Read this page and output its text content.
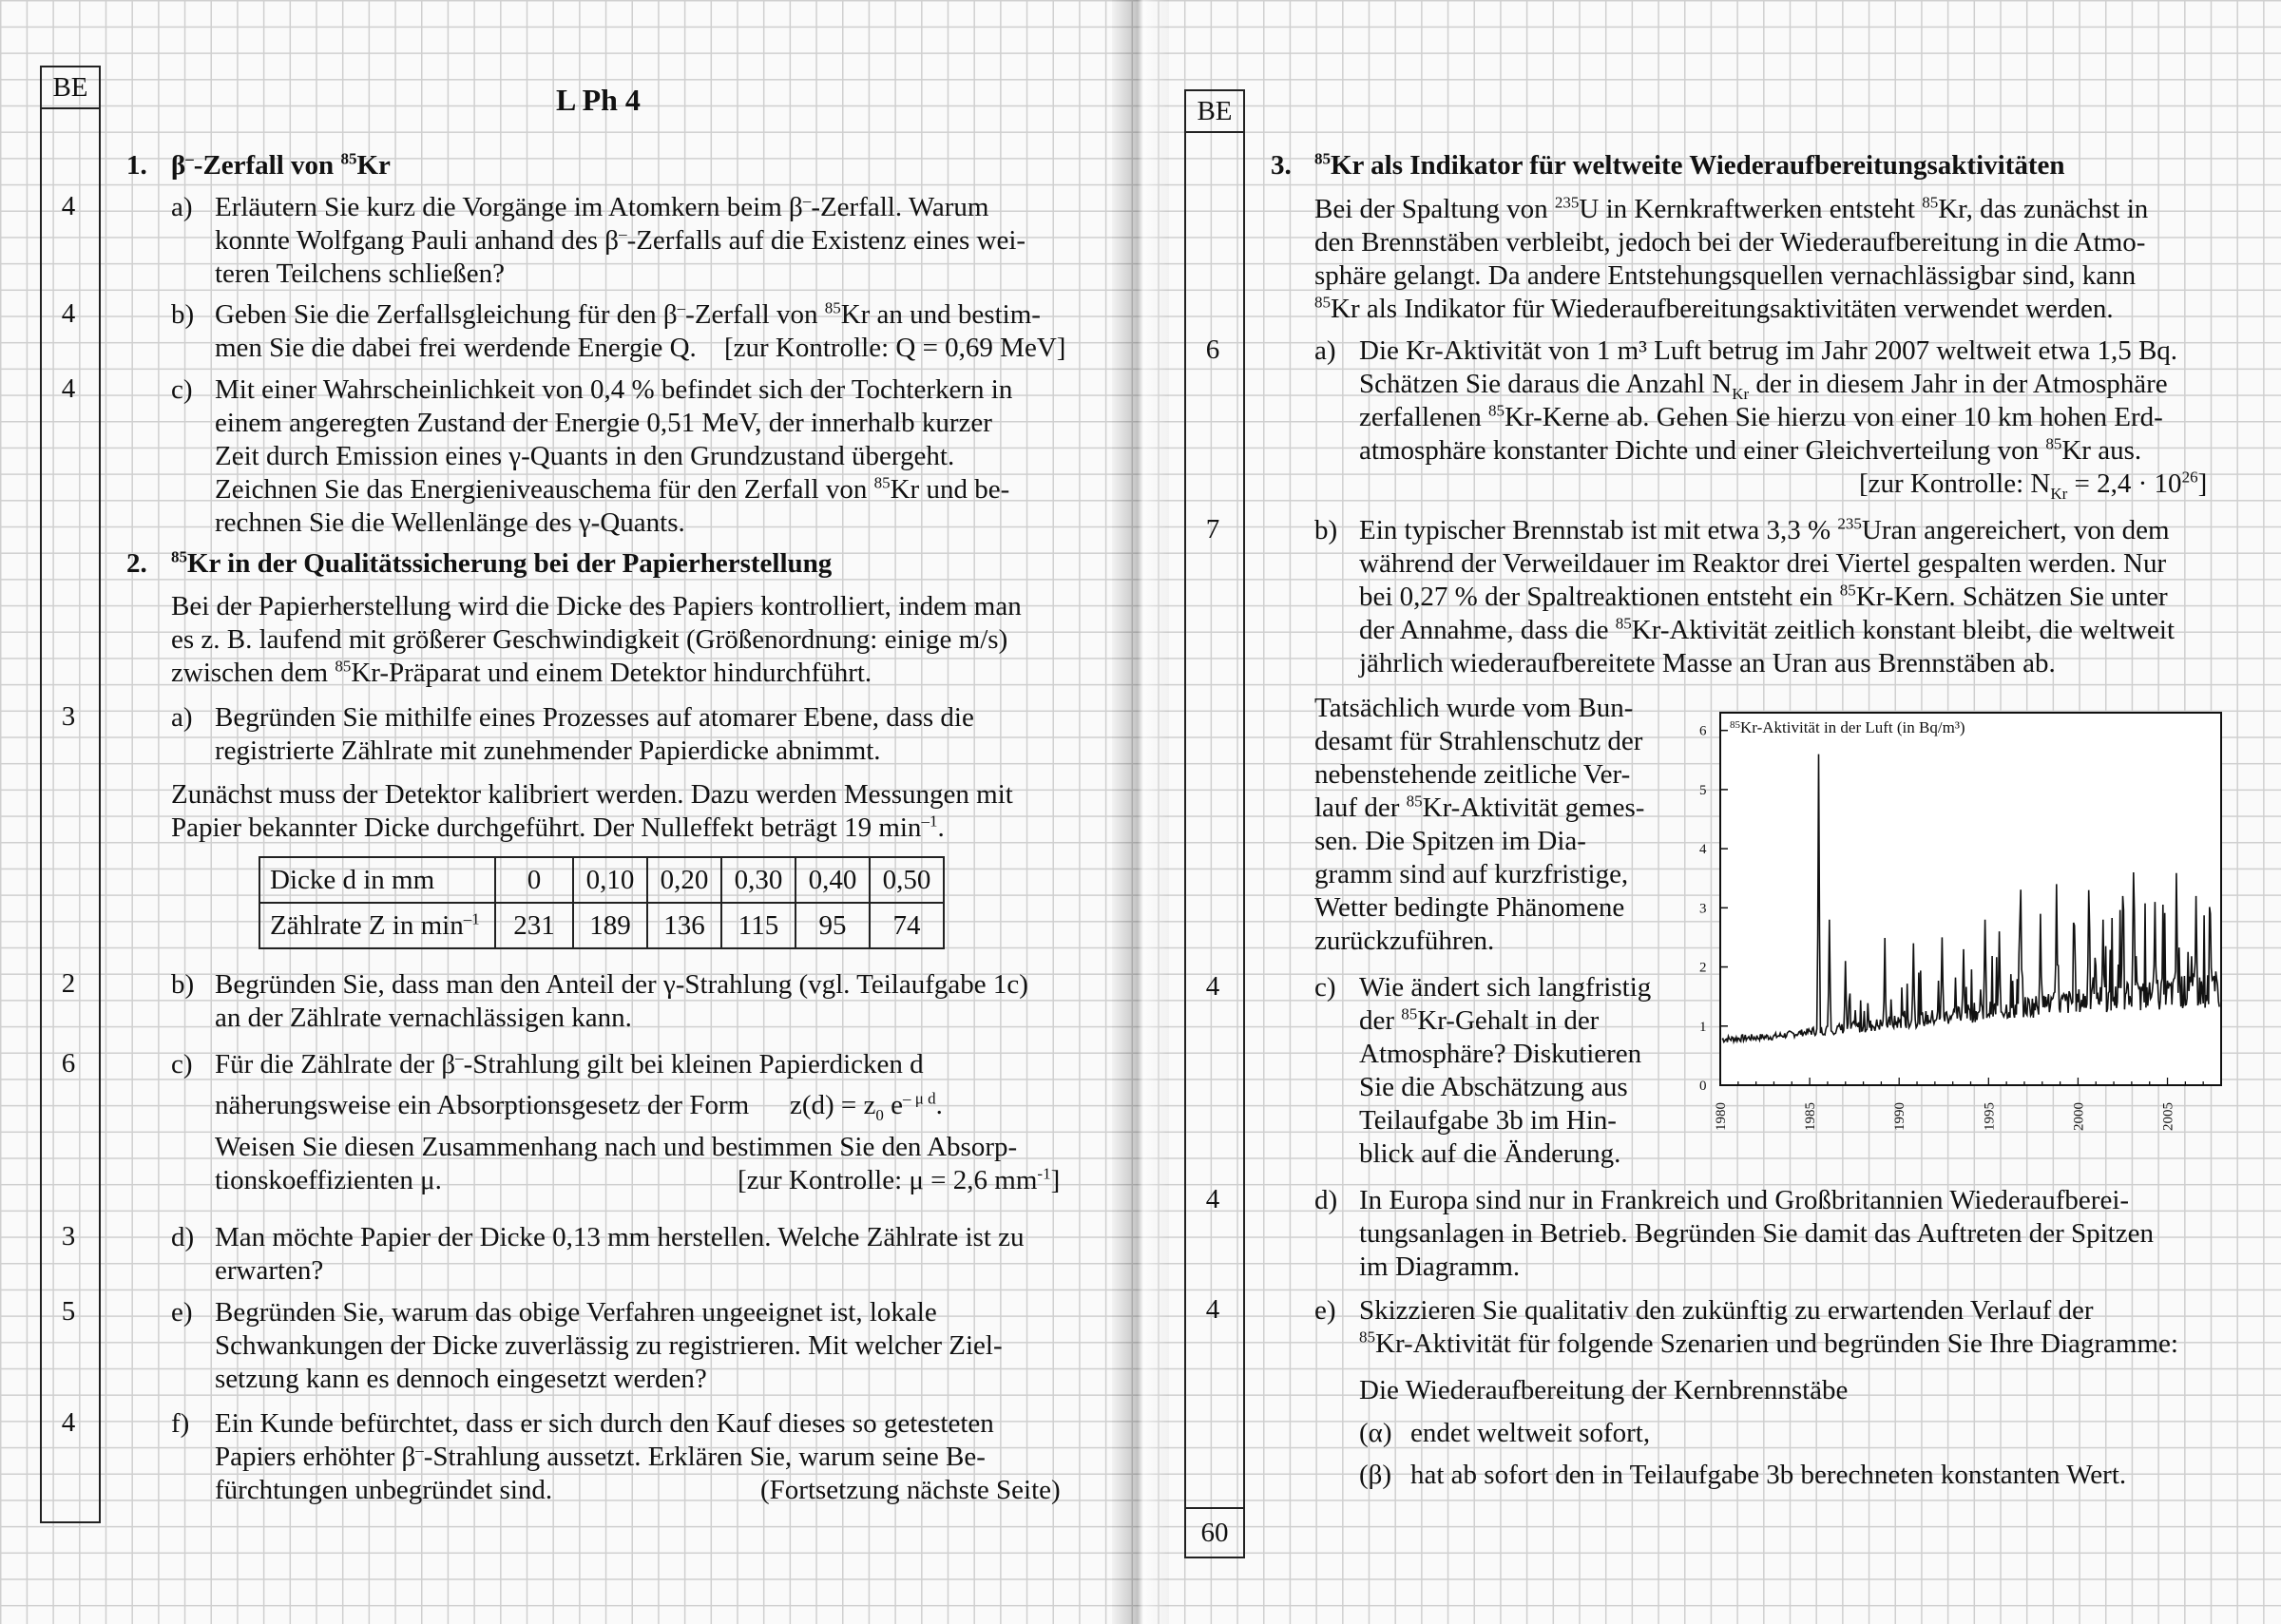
BE
4
4
4
3
2
6
3
5
4
L Ph 4
1. β–-Zerfall von $^{85}$Kr
a) Erläutern Sie kurz die Vorgänge im Atomkern beim β–-Zerfall. Warum
konnte Wolfgang Pauli anhand des β–-Zerfalls auf die Existenz eines wei-
teren Teilchens schließen?
b) Geben Sie die Zerfallsgleichung für den β–-Zerfall von $^{85}$Kr an und bestim-
men Sie die dabei frei werdende Energie Q. [zur Kontrolle: Q = 0,69 MeV]
c) Mit einer Wahrscheinlichkeit von 0,4 % befindet sich der Tochterkern in
einem angeregten Zustand der Energie 0,51 MeV, der innerhalb kurzer
Zeit durch Emission eines γ-Quants in den Grundzustand übergeht.
Zeichnen Sie das Energieniveauschema für den Zerfall von $^{85}$Kr und be-
rechnen Sie die Wellenlänge des γ-Quants.
2. $^{85}$Kr in der Qualitätssicherung bei der Papierherstellung
Bei der Papierherstellung wird die Dicke des Papiers kontrolliert, indem man
es z. B. laufend mit größerer Geschwindigkeit (Größenordnung: einige m/s)
zwischen dem $^{85}$Kr-Präparat und einem Detektor hindurchführt.
a) Begründen Sie mithilfe eines Prozesses auf atomarer Ebene, dass die
registrierte Zählrate mit zunehmender Papierdicke abnimmt.
Zunächst muss der Detektor kalibriert werden. Dazu werden Messungen mit
Papier bekannter Dicke durchgeführt. Der Nulleffekt beträgt 19 $\min^{-1}$.
Dicke d in mm	0	0,10	0,20	0,30	0,40	0,50
Zählrate Z in $\min^{-1}$	231	189	136	115	95	74
b) Begründen Sie, dass man den Anteil der γ-Strahlung (vgl. Teilaufgabe 1c)
an der Zählrate vernachlässigen kann.
c) Für die Zählrate der β–-Strahlung gilt bei kleinen Papierdicken d
näherungsweise ein Absorptionsgesetz der Form $z(d) = z_0$ $e^{- \mu d}$.
Weisen Sie diesen Zusammenhang nach und bestimmen Sie den Absorp-
tionskoeffizienten μ.	[zur Kontrolle: μ = 2,6 $mm^{-1}$]
d) Man möchte Papier der Dicke 0,13 mm herstellen. Welche Zählrate ist zu
erwarten?
e) Begründen Sie, warum das obige Verfahren ungeeignet ist, lokale
Schwankungen der Dicke zuverlässig zu registrieren. Mit welcher Ziel-
setzung kann es dennoch eingesetzt werden?
f) Ein Kunde befürchtet, dass er sich durch den Kauf dieses so getesteten
Papiers erhöhter β–-Strahlung aussetzt. Erklären Sie, warum seine Be-
fürchtungen unbegründet sind.	(Fortsetzung nächste Seite)
BE
60
6
7
4
4
4
3. $^{85}$Kr als Indikator für weltweite Wiederaufbereitungsaktivitäten
Bei der Spaltung von $^{235}$U in Kernkraftwerken entsteht $^{85}$Kr, das zunächst in
den Brennstäben verbleibt, jedoch bei der Wiederaufbereitung in die Atmo-
sphäre gelangt. Da andere Entstehungsquellen vernachlässigbar sind, kann
$^{85}$Kr als Indikator für Wiederaufbereitungsaktivitäten verwendet werden.
a) Die Kr-Aktivität von 1 m³ Luft betrug im Jahr 2007 weltweit etwa 1,5 Bq.
Schätzen Sie daraus die Anzahl $N_{Kr}$ der in diesem Jahr in der Atmosphäre
zerfallenen $^{85}$Kr-Kerne ab. Gehen Sie hierzu von einer 10 km hohen Erd-
atmosphäre konstanter Dichte und einer Gleichverteilung von $^{85}$Kr aus.
[zur Kontrolle: $N_{Kr} = 2,4 \cdot 10^{26}$]
b) Ein typischer Brennstab ist mit etwa 3,3 % $^{235}$Uran angereichert, von dem
während der Verweildauer im Reaktor drei Viertel gespalten werden. Nur
bei 0,27 % der Spaltreaktionen entsteht ein $^{85}$Kr-Kern. Schätzen Sie unter
der Annahme, dass die $^{85}$Kr-Aktivität zeitlich konstant bleibt, die weltweit
jährlich wiederaufbereitete Masse an Uran aus Brennstäben ab.
Tatsächlich wurde vom Bun-
desamt für Strahlenschutz der
nebenstehende zeitliche Ver-
lauf der $^{85}$Kr-Aktivität gemes-
sen. Die Spitzen im Dia-
gramm sind auf kurzfristige,
Wetter bedingte Phänomene
zurückzuführen.
c) Wie ändert sich langfristig
der $^{85}$Kr-Gehalt in der
Atmosphäre? Diskutieren
Sie die Abschätzung aus
Teilaufgabe 3b im Hin-
blick auf die Änderung.
d) In Europa sind nur in Frankreich und Großbritannien Wiederaufberei-
tungsanlagen in Betrieb. Begründen Sie damit das Auftreten der Spitzen
im Diagramm.
e) Skizzieren Sie qualitativ den zukünftig zu erwartenden Verlauf der
$^{85}$Kr-Aktivität für folgende Szenarien und begründen Sie Ihre Diagramme:
Die Wiederaufbereitung der Kernbrennstäbe
(α) endet weltweit sofort,
(β) hat ab sofort den in Teilaufgabe 3b berechneten konstanten Wert.
$^{85}$Kr-Aktivität in der Luft (in Bq/m³)
0
1
2
3
4
5
6
1980	1985	1990	1995	2000	2005
